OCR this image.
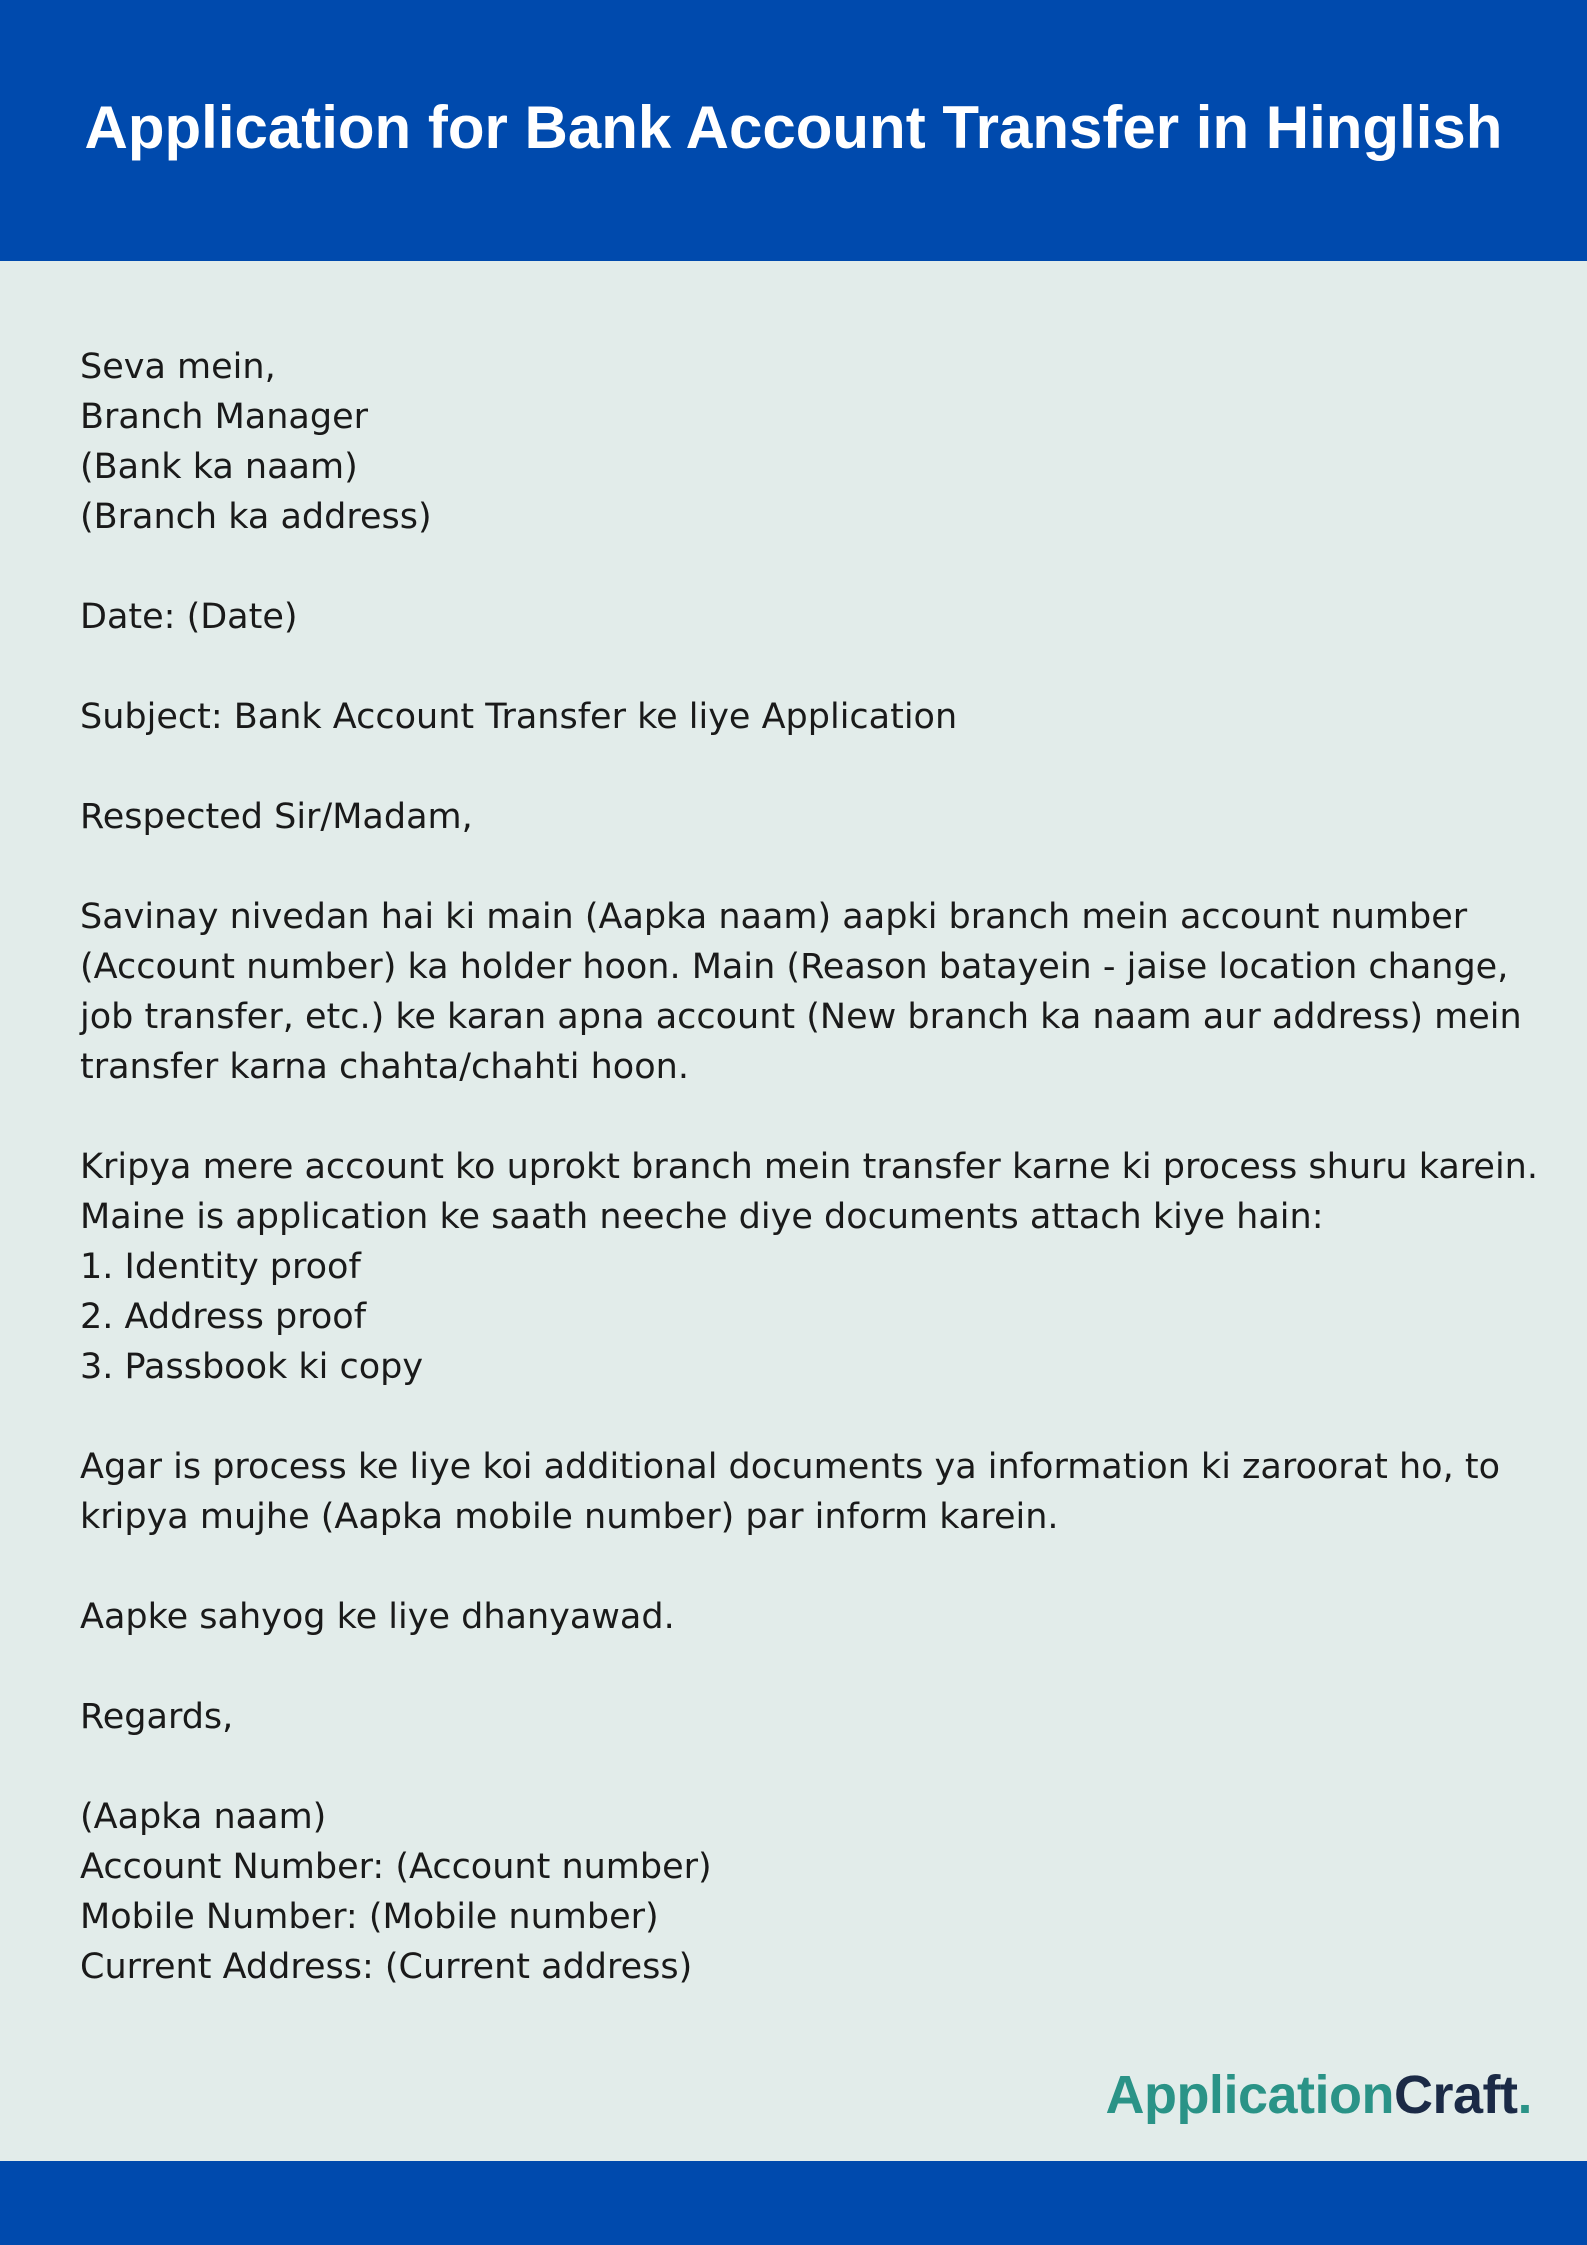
Application for Bank Account Transfer in Hinglish
Seva mein,
Branch Manager
(Bank ka naam)
(Branch ka address)
Date: (Date)
Subject: Bank Account Transfer ke liye Application
Respected Sir/Madam,
Savinay nivedan hai ki main (Aapka naam) aapki branch mein account number
(Account number) ka holder hoon. Main (Reason batayein - jaise location change,
job transfer, etc.) ke karan apna account (New branch ka naam aur address) mein
transfer karna chahta/chahti hoon.
Kripya mere account ko uprokt branch mein transfer karne ki process shuru karein.
Maine is application ke saath neeche diye documents attach kiye hain:
1. Identity proof
2. Address proof
3. Passbook ki copy
Agar is process ke liye koi additional documents ya information ki zaroorat ho, to
kripya mujhe (Aapka mobile number) par inform karein.
Aapke sahyog ke liye dhanyawad.
Regards,
(Aapka naam)
Account Number: (Account number)
Mobile Number: (Mobile number)
Current Address: (Current address)
ApplicationCraft.
